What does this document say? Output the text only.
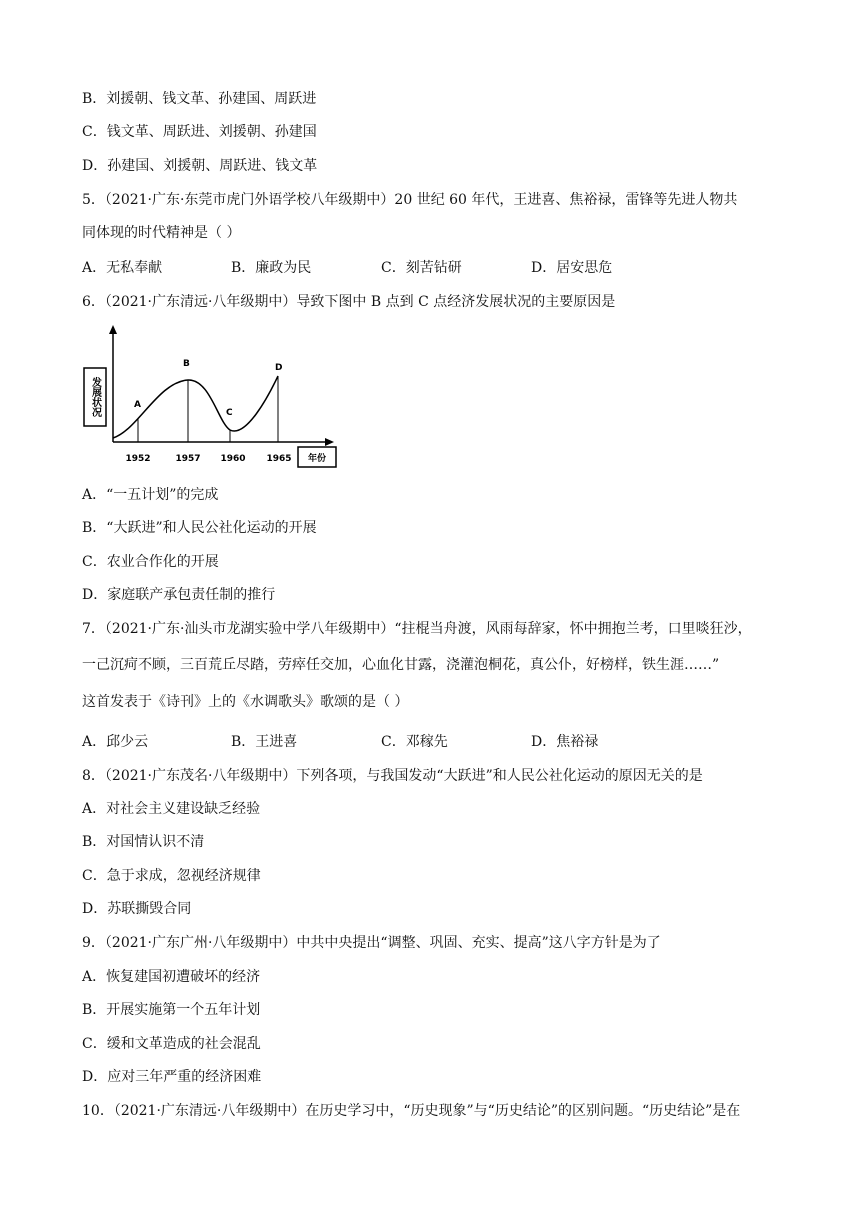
B．刘援朝、钱文革、孙建国、周跃进
C．钱文革、周跃进、刘援朝、孙建国
D．孙建国、刘援朝、周跃进、钱文革
5．（2021·广东·东莞市虎门外语学校八年级期中）20 世纪 60 年代，王进喜、焦裕禄，雷锋等先进人物共
同体现的时代精神是（ ）
A．无私奉献	B．廉政为民	C．刻苦钻研	D．居安思危
6．（2021·广东清远·八年级期中）导致下图中 B 点到 C 点经济发展状况的主要原因是
发展状况	A
B
C
D
1952	1957 1960 1965 年份
A．“一五计划”的完成
B．“大跃进”和人民公社化运动的开展
C．农业合作化的开展
D．家庭联产承包责任制的推行
7．（2021·广东·汕头市龙湖实验中学八年级期中）“拄棍当舟渡，风雨每辞家，怀中拥抱兰考，口里啖狂沙，
一己沉疴不顾，三百荒丘尽踏，劳瘁任交加，心血化甘露，浇灌泡桐花，真公仆，好榜样，铁生涯……”
这首发表于《诗刊》上的《水调歌头》歌颂的是（ ）
A．邱少云	B．王进喜	C．邓稼先	D．焦裕禄
8．（2021·广东茂名·八年级期中）下列各项，与我国发动“大跃进”和人民公社化运动的原因无关的是
A．对社会主义建设缺乏经验
B．对国情认识不清
C．急于求成，忽视经济规律
D．苏联撕毁合同
9．（2021·广东广州·八年级期中）中共中央提出“调整、巩固、充实、提高”这八字方针是为了
A．恢复建国初遭破坏的经济
B．开展实施第一个五年计划
C．缓和文革造成的社会混乱
D．应对三年严重的经济困难
10．（2021·广东清远·八年级期中）在历史学习中，“历史现象”与“历史结论”的区别问题。“历史结论”是在
